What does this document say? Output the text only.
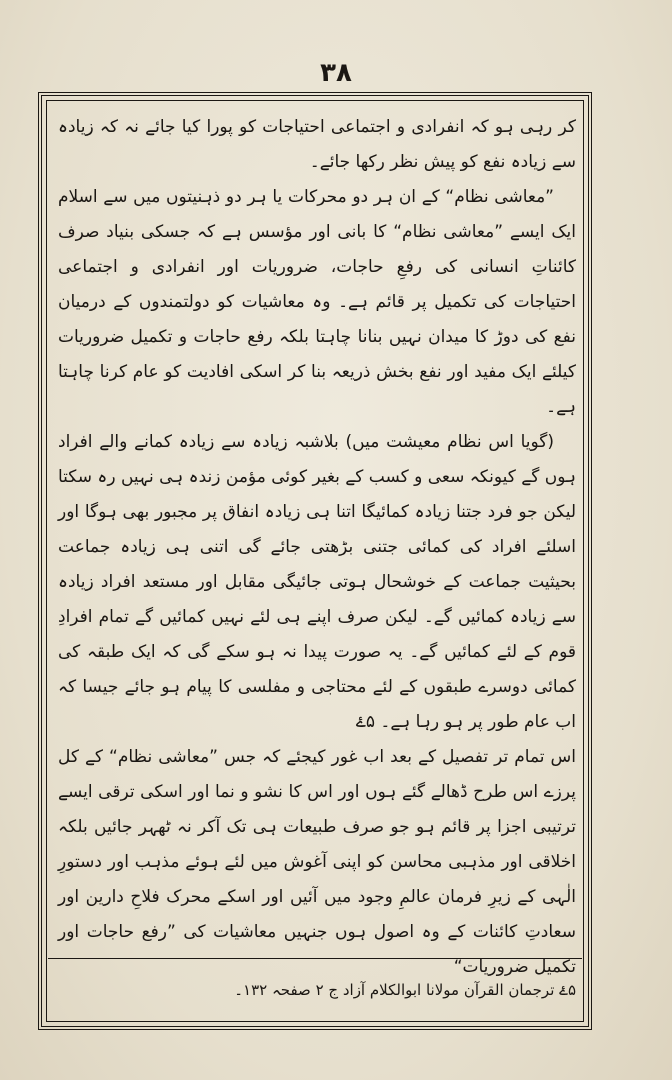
٣٨

کر رہی ہو کہ انفرادی و اجتماعی احتیاجات کو پورا کیا جائے نہ کہ زیادہ سے زیادہ نفع کو پیش نظر رکھا جائے۔

”معاشی نظام“ کے ان ہر دو محرکات یا ہر دو ذہنیتوں میں سے اسلام ایک ایسے ”معاشی نظام“ کا بانی اور مؤسس ہے کہ جسکی بنیاد صرف کائناتِ انسانی کی رفعِ حاجات، ضروریات اور انفرادی و اجتماعی احتیاجات کی تکمیل پر قائم ہے۔ وہ معاشیات کو دولتمندوں کے درمیان نفع کی دوڑ کا میدان نہیں بنانا چاہتا بلکہ رفع حاجات و تکمیل ضروریات کیلئے ایک مفید اور نفع بخش ذریعہ بنا کر اسکی افادیت کو عام کرنا چاہتا ہے۔

(گویا اس نظام معیشت میں) بلاشبہ زیادہ سے زیادہ کمانے والے افراد ہوں گے کیونکہ سعی و کسب کے بغیر کوئی مؤمن زندہ ہی نہیں رہ سکتا لیکن جو فرد جتنا زیادہ کمائیگا اتنا ہی زیادہ انفاق پر مجبور بھی ہوگا اور اسلئے افراد کی کمائی جتنی بڑھتی جائے گی اتنی ہی زیادہ جماعت بحیثیت جماعت کے خوشحال ہوتی جائیگی مقابل اور مستعد افراد زیادہ سے زیادہ کمائیں گے۔ لیکن صرف اپنے ہی لئے نہیں کمائیں گے تمام افرادِ قوم کے لئے کمائیں گے۔ یہ صورت پیدا نہ ہو سکے گی کہ ایک طبقہ کی کمائی دوسرے طبقوں کے لئے محتاجی و مفلسی کا پیام ہو جائے جیسا کہ اب عام طور پر ہو رہا ہے۔ ۵ۓ

اس تمام تر تفصیل کے بعد اب غور کیجئے کہ جس ”معاشی نظام“ کے کل پرزے اس طرح ڈھالے گئے ہوں اور اس کا نشو و نما اور اسکی ترقی ایسے ترتیبی اجزا پر قائم ہو جو صرف طبیعات ہی تک آکر نہ ٹھہر جائیں بلکہ اخلاقی اور مذہبی محاسن کو اپنی آغوش میں لئے ہوئے مذہب اور دستورِ الٰہی کے زیرِ فرمان عالمِ وجود میں آئیں اور اسکے محرک فلاحِ دارین اور سعادتِ کائنات کے وہ اصول ہوں جنہیں معاشیات کی ”رفع حاجات اور تکمیل ضروریات“

۵ۓ ترجمان القرآن مولانا ابوالکلام آزاد ج ۲ صفحہ ۱۳۲۔
